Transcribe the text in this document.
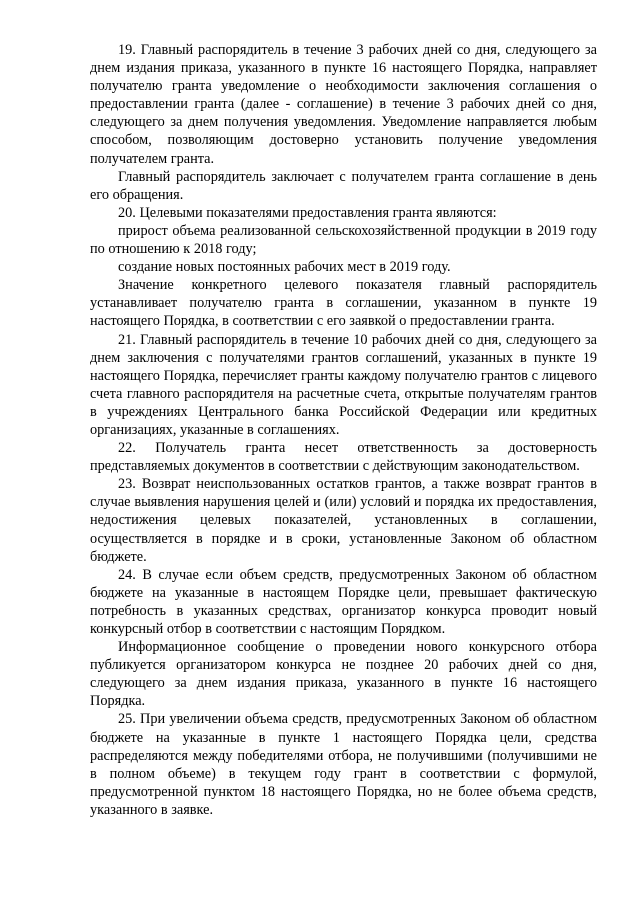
19. Главный распорядитель в течение 3 рабочих дней со дня, следующего за днем издания приказа, указанного в пункте 16 настоящего Порядка, направляет получателю гранта уведомление о необходимости заключения соглашения о предоставлении гранта (далее - соглашение) в течение 3 рабочих дней со дня, следующего за днем получения уведомления. Уведомление направляется любым способом, позволяющим достоверно установить получение уведомления получателем гранта.

Главный распорядитель заключает с получателем гранта соглашение в день его обращения.

20. Целевыми показателями предоставления гранта являются:

прирост объема реализованной сельскохозяйственной продукции в 2019 году по отношению к 2018 году;

создание новых постоянных рабочих мест в 2019 году.

Значение конкретного целевого показателя главный распорядитель устанавливает получателю гранта в соглашении, указанном в пункте 19 настоящего Порядка, в соответствии с его заявкой о предоставлении гранта.

21. Главный распорядитель в течение 10 рабочих дней со дня, следующего за днем заключения с получателями грантов соглашений, указанных в пункте 19 настоящего Порядка, перечисляет гранты каждому получателю грантов с лицевого счета главного распорядителя на расчетные счета, открытые получателям грантов в учреждениях Центрального банка Российской Федерации или кредитных организациях, указанные в соглашениях.

22. Получатель гранта несет ответственность за достоверность представляемых документов в соответствии с действующим законодательством.

23. Возврат неиспользованных остатков грантов, а также возврат грантов в случае выявления нарушения целей и (или) условий и порядка их предоставления, недостижения целевых показателей, установленных в соглашении, осуществляется в порядке и в сроки, установленные Законом об областном бюджете.

24. В случае если объем средств, предусмотренных Законом об областном бюджете на указанные в настоящем Порядке цели, превышает фактическую потребность в указанных средствах, организатор конкурса проводит новый конкурсный отбор в соответствии с настоящим Порядком.

Информационное сообщение о проведении нового конкурсного отбора публикуется организатором конкурса не позднее 20 рабочих дней со дня, следующего за днем издания приказа, указанного в пункте 16 настоящего Порядка.

25. При увеличении объема средств, предусмотренных Законом об областном бюджете на указанные в пункте 1 настоящего Порядка цели, средства распределяются между победителями отбора, не получившими (получившими не в полном объеме) в текущем году грант в соответствии с формулой, предусмотренной пунктом 18 настоящего Порядка, но не более объема средств, указанного в заявке.
